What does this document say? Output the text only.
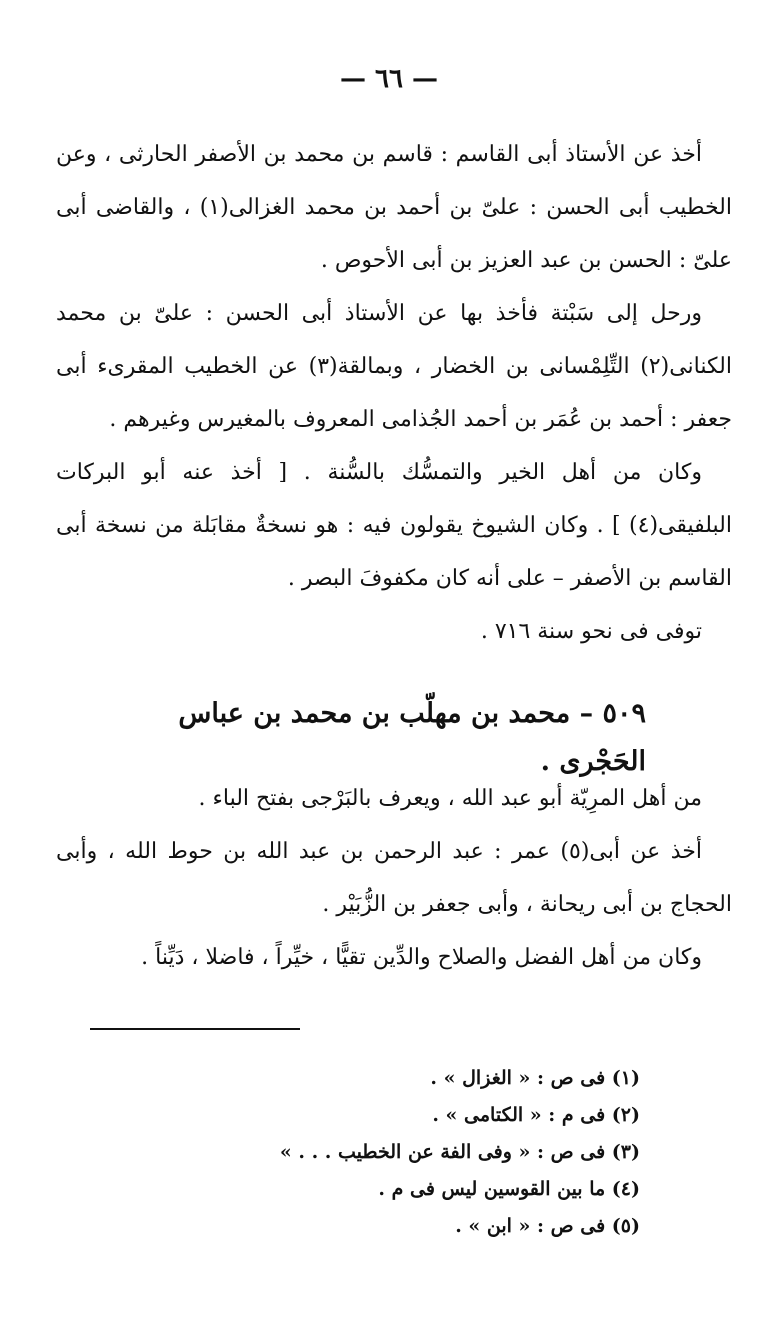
— ٦٦ —

أخذ عن الأستاذ أبى القاسم : قاسم بن محمد بن الأصفر الحارثى ، وعن الخطيب أبى الحسن : علىّ بن أحمد بن محمد الغزالى(١) ، والقاضى أبى علىّ : الحسن بن عبد العزيز بن أبى الأحوص .

ورحل إلى سَبْتة فأخذ بها عن الأستاذ أبى الحسن : علىّ بن محمد الكنانى(٢) التِّلِمْسانى بن الخضار ، وبمالقة(٣) عن الخطيب المقرىء أبى جعفر : أحمد بن عُمَر بن أحمد الجُذامى المعروف بالمغيرس وغيرهم .

وكان من أهل الخير والتمسُّك بالسُّنة . [ أخذ عنه أبو البركات البلفيقى(٤) ] . وكان الشيوخ يقولون فيه : هو نسخةٌ مقابَلة من نسخة أبى القاسم بن الأصفر – على أنه كان مكفوفَ البصر .

توفى فى نحو سنة ٧١٦ .

٥٠٩ – محمد بن مهلّب بن محمد بن عباس الحَجْرى .

من أهل المرِيّة أبو عبد الله ، ويعرف بالبَرْجى بفتح الباء .

أخذ عن أبى(٥) عمر : عبد الرحمن بن عبد الله بن حوط الله ، وأبى الحجاج بن أبى ريحانة ، وأبى جعفر بن الزُّبَيْر .

وكان من أهل الفضل والصلاح والدِّين تقيًّا ، خيِّراً ، فاضلا ، دَيِّناً .

(١) فى ص : « الغزال » .

(٢) فى م : « الكتامى » .

(٣) فى ص : « وفى الفة عن الخطيب . . . »

(٤) ما بين القوسين ليس فى م .

(٥) فى ص : « ابن » .
